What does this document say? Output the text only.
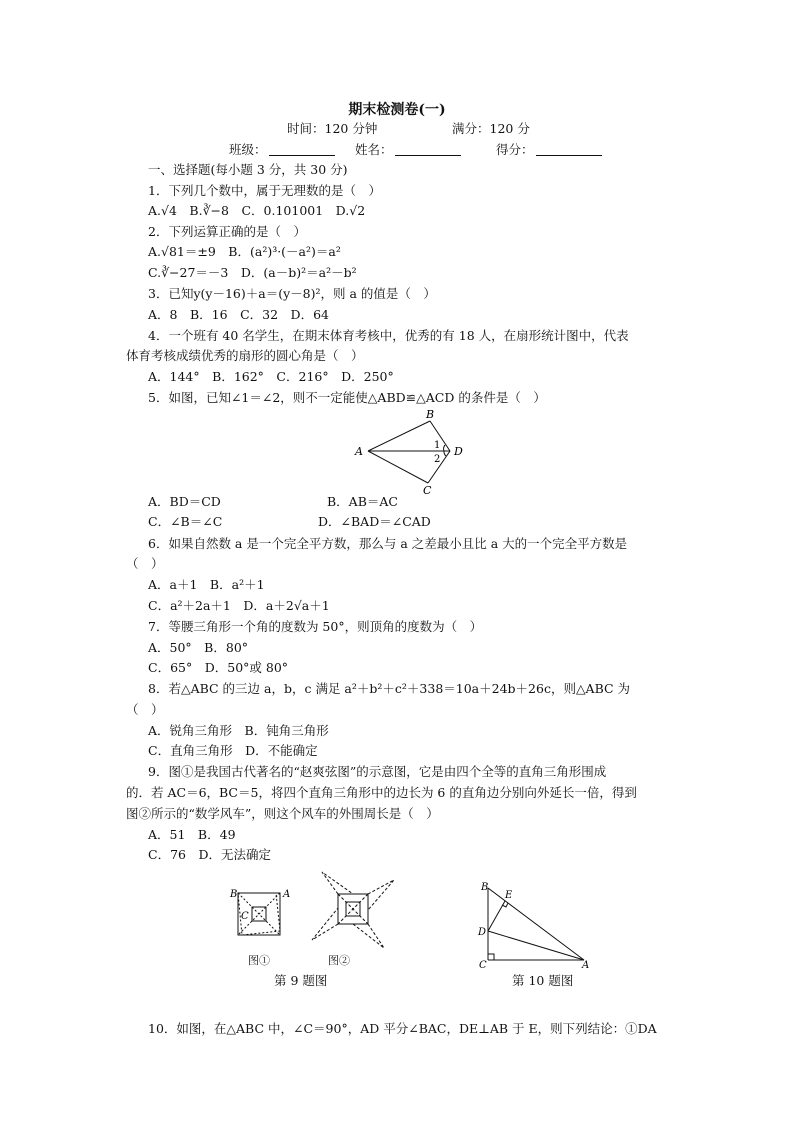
期末检测卷(一)
时间：120 分钟	满分：120 分
班级：	姓名：	得分：
一、选择题(每小题 3 分，共 30 分)
1．下列几个数中，属于无理数的是（　）
A.√4　B.∛−8　C．0.101001　D.√2
2．下列运算正确的是（　）
A.√81＝±9　B．(a²)³·(－a²)＝a²
C.∛−27＝－3　D．(a－b)²＝a²－b²
3．已知y(y－16)＋a＝(y－8)²，则 a 的值是（　）
A．8　B．16　C．32　D．64
4．一个班有 40 名学生，在期末体育考核中，优秀的有 18 人，在扇形统计图中，代表
体育考核成绩优秀的扇形的圆心角是（　）
A．144°　B．162°　C．216°　D．250°
5．如图，已知∠1＝∠2，则不一定能使△ABD≌△ACD 的条件是（　）
A
B
C
D
1
2
A．BD＝CD	B．AB＝AC
C．∠B＝∠C	D．∠BAD＝∠CAD
6．如果自然数 a 是一个完全平方数，那么与 a 之差最小且比 a 大的一个完全平方数是
（　）
A．a＋1　B．a²＋1
C．a²＋2a＋1　D．a＋2√a＋1
7．等腰三角形一个角的度数为 50°，则顶角的度数为（　）
A．50°　B．80°
C．65°　D．50°或 80°
8．若△ABC 的三边 a，b，c 满足 a²＋b²＋c²＋338＝10a＋24b＋26c，则△ABC 为
（　）
A．锐角三角形　B．钝角三角形
C．直角三角形　D．不能确定
9．图①是我国古代著名的“赵爽弦图”的示意图，它是由四个全等的直角三角形围成
的．若 AC＝6，BC＝5，将四个直角三角形中的边长为 6 的直角边分别向外延长一倍，得到
图②所示的“数学风车”，则这个风车的外围周长是（　）
A．51　B．49
C．76　D．无法确定
B	A
C
图①	图②
第 9 题图
B
E
D
C	A
第 10 题图
10．如图，在△ABC 中，∠C＝90°，AD 平分∠BAC，DE⊥AB 于 E，则下列结论：①DA
